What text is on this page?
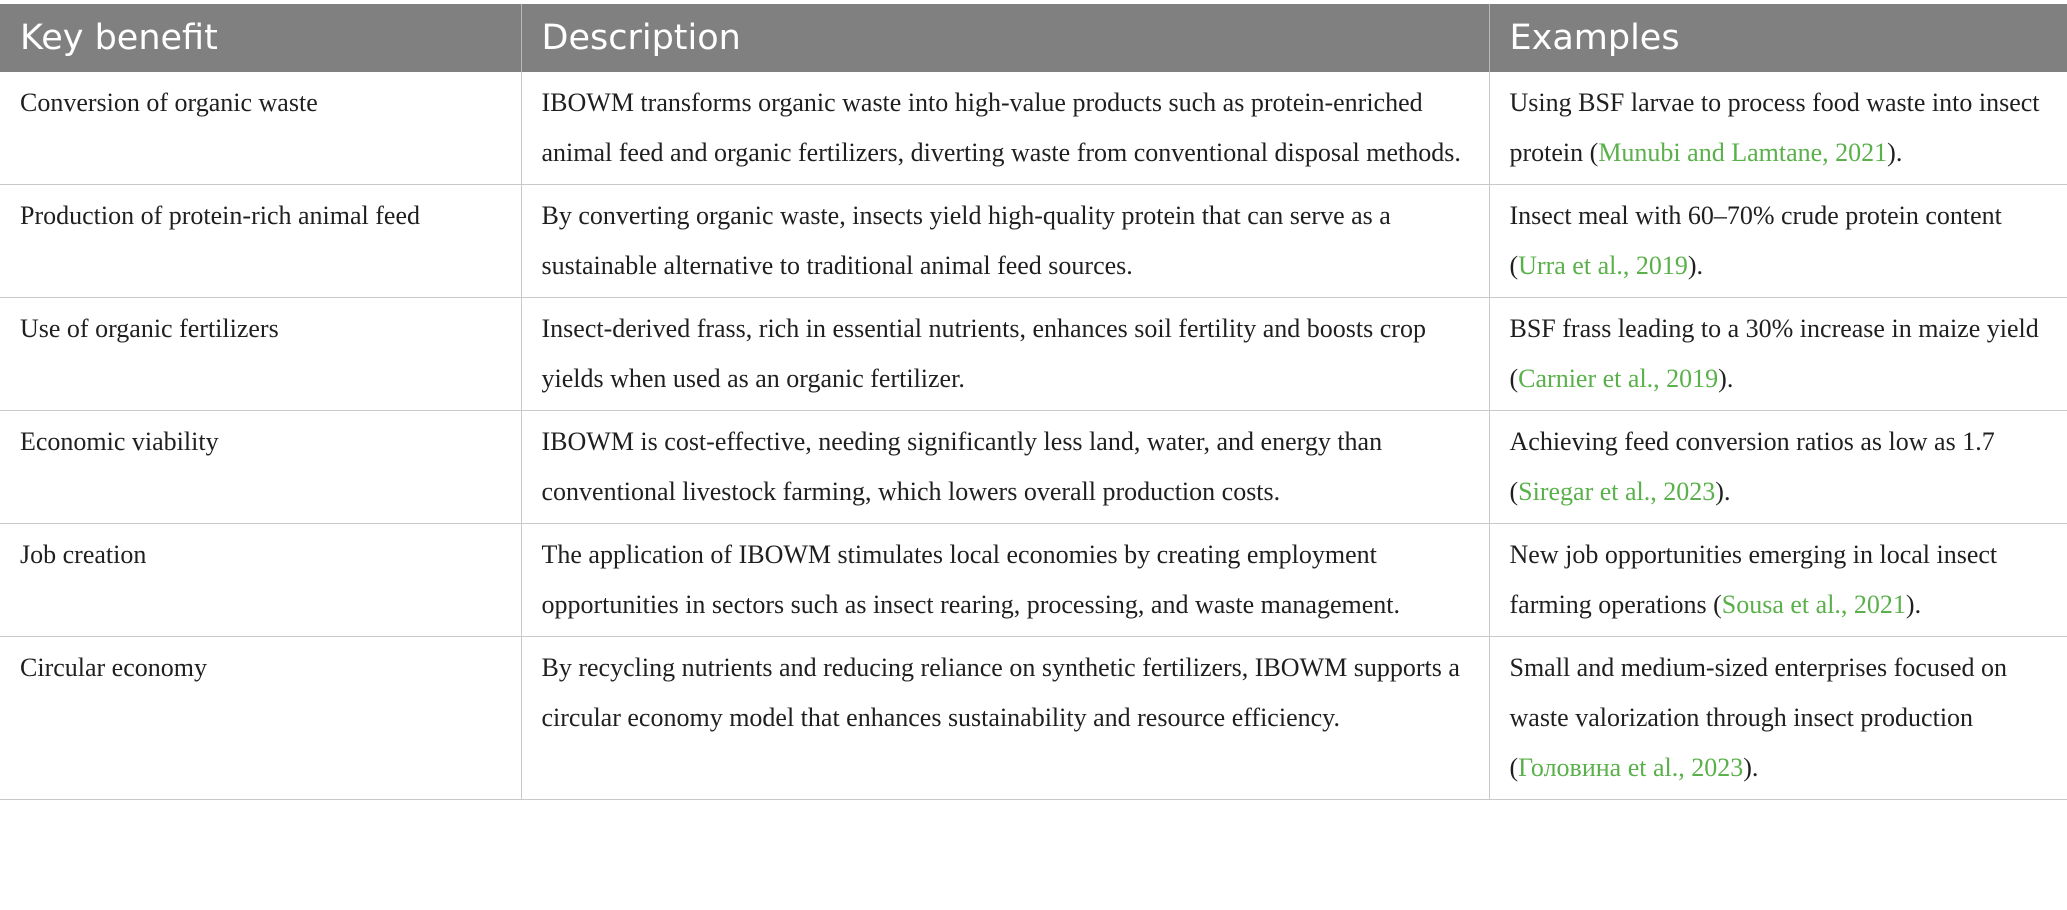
Key benefit	Description	Examples
Conversion of organic waste	IBOWM transforms organic waste into high-value products such as protein-enriched animal feed and organic fertilizers, diverting waste from conventional disposal methods.	Using BSF larvae to process food waste into insect protein (Munubi and Lamtane, 2021).
Production of protein-rich animal feed	By converting organic waste, insects yield high-quality protein that can serve as a sustainable alternative to traditional animal feed sources.	Insect meal with 60–70% crude protein content (Urra et al., 2019).
Use of organic fertilizers	Insect-derived frass, rich in essential nutrients, enhances soil fertility and boosts crop yields when used as an organic fertilizer.	BSF frass leading to a 30% increase in maize yield (Carnier et al., 2019).
Economic viability	IBOWM is cost-effective, needing significantly less land, water, and energy than conventional livestock farming, which lowers overall production costs.	Achieving feed conversion ratios as low as 1.7 (Siregar et al., 2023).
Job creation	The application of IBOWM stimulates local economies by creating employment opportunities in sectors such as insect rearing, processing, and waste management.	New job opportunities emerging in local insect farming operations (Sousa et al., 2021).
Circular economy	By recycling nutrients and reducing reliance on synthetic fertilizers, IBOWM supports a circular economy model that enhances sustainability and resource efficiency.	Small and medium-sized enterprises focused on waste valorization through insect production (Головина et al., 2023).
